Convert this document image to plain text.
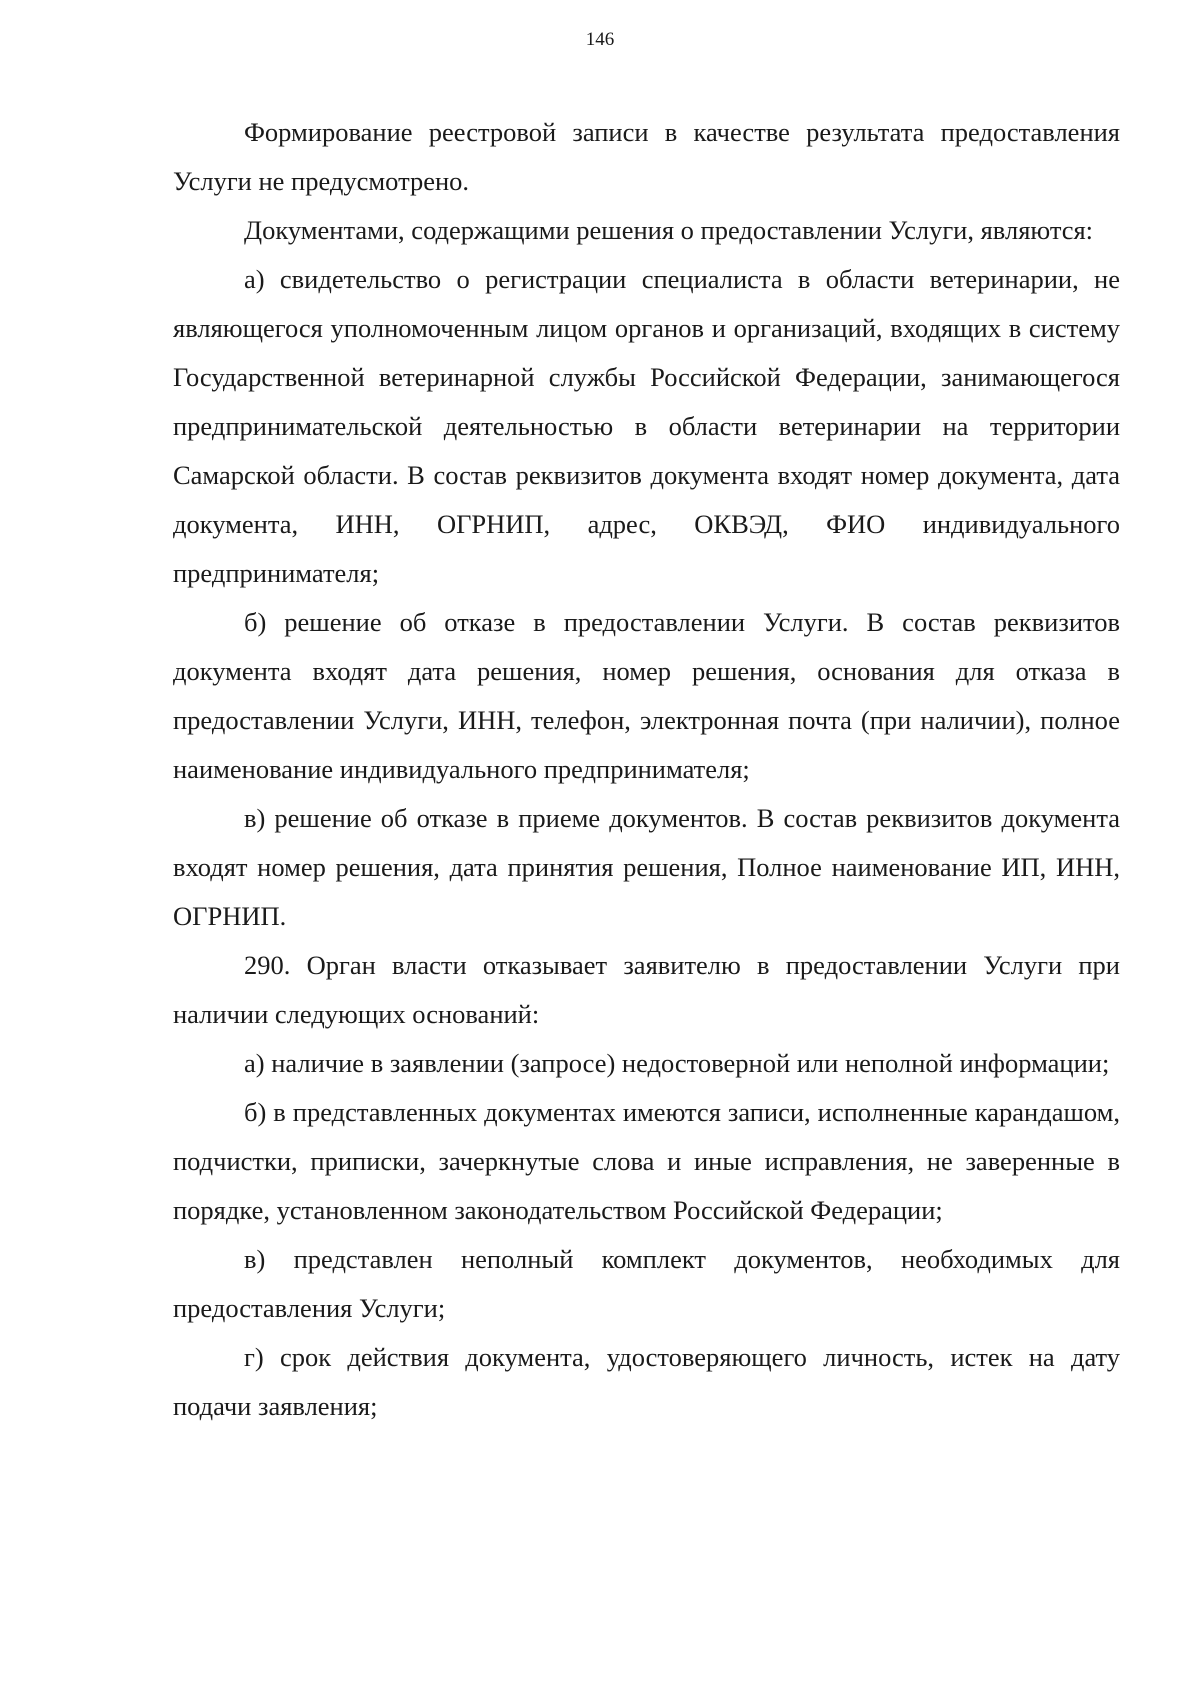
146

Формирование реестровой записи в качестве результата предоставления Услуги не предусмотрено.

Документами, содержащими решения о предоставлении Услуги, являются:

а) свидетельство о регистрации специалиста в области ветеринарии, не являющегося уполномоченным лицом органов и организаций, входящих в систему Государственной ветеринарной службы Российской Федерации, занимающегося предпринимательской деятельностью в области ветеринарии на территории Самарской области. В состав реквизитов документа входят номер документа, дата документа, ИНН, ОГРНИП, адрес, ОКВЭД, ФИО индивидуального предпринимателя;

б) решение об отказе в предоставлении Услуги. В состав реквизитов документа входят дата решения, номер решения, основания для отказа в предоставлении Услуги, ИНН, телефон, электронная почта (при наличии), полное наименование индивидуального предпринимателя;

в) решение об отказе в приеме документов. В состав реквизитов документа входят номер решения, дата принятия решения, Полное наименование ИП, ИНН, ОГРНИП.

290. Орган власти отказывает заявителю в предоставлении Услуги при наличии следующих оснований:

а) наличие в заявлении (запросе) недостоверной или неполной информации;

б) в представленных документах имеются записи, исполненные карандашом, подчистки, приписки, зачеркнутые слова и иные исправления, не заверенные в порядке, установленном законодательством Российской Федерации;

в) представлен неполный комплект документов, необходимых для предоставления Услуги;

г) срок действия документа, удостоверяющего личность, истек на дату подачи заявления;
